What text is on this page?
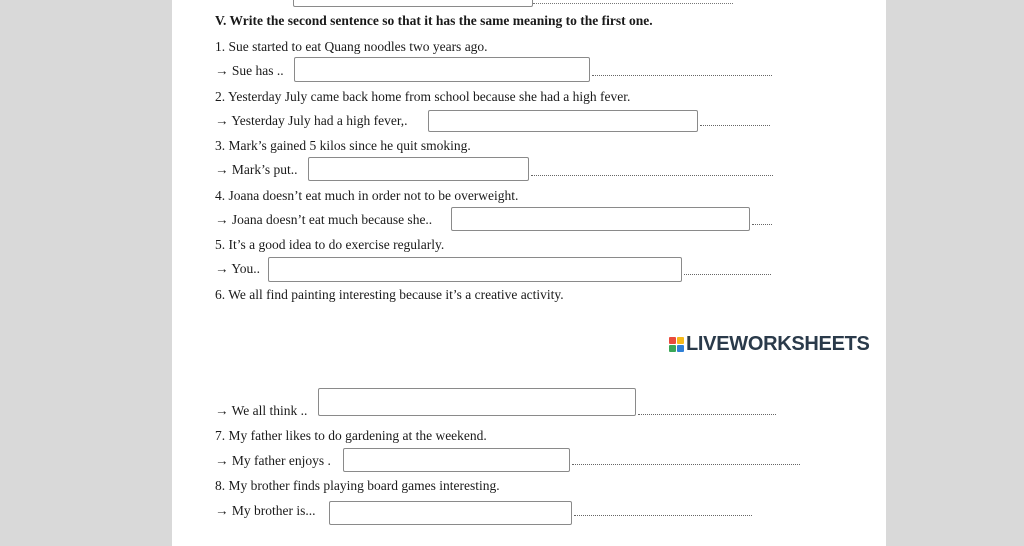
V. Write the second sentence so that it has the same meaning to the first one.
1. Sue started to eat Quang noodles two years ago.
→ Sue has ..
2. Yesterday July came back home from school because she had a high fever.
→ Yesterday July had a high fever,.
3. Mark’s gained 5 kilos since he quit smoking.
→ Mark’s put..
4. Joana doesn’t eat much in order not to be overweight.
→ Joana doesn’t eat much because she..
5. It’s a good idea to do exercise regularly.
→ You..
6. We all find painting interesting because it’s a creative activity.
LIVEWORKSHEETS
→ We all think ..
7. My father likes to do gardening at the weekend.
→ My father enjoys .
8. My brother finds playing board games interesting.
→ My brother is...
